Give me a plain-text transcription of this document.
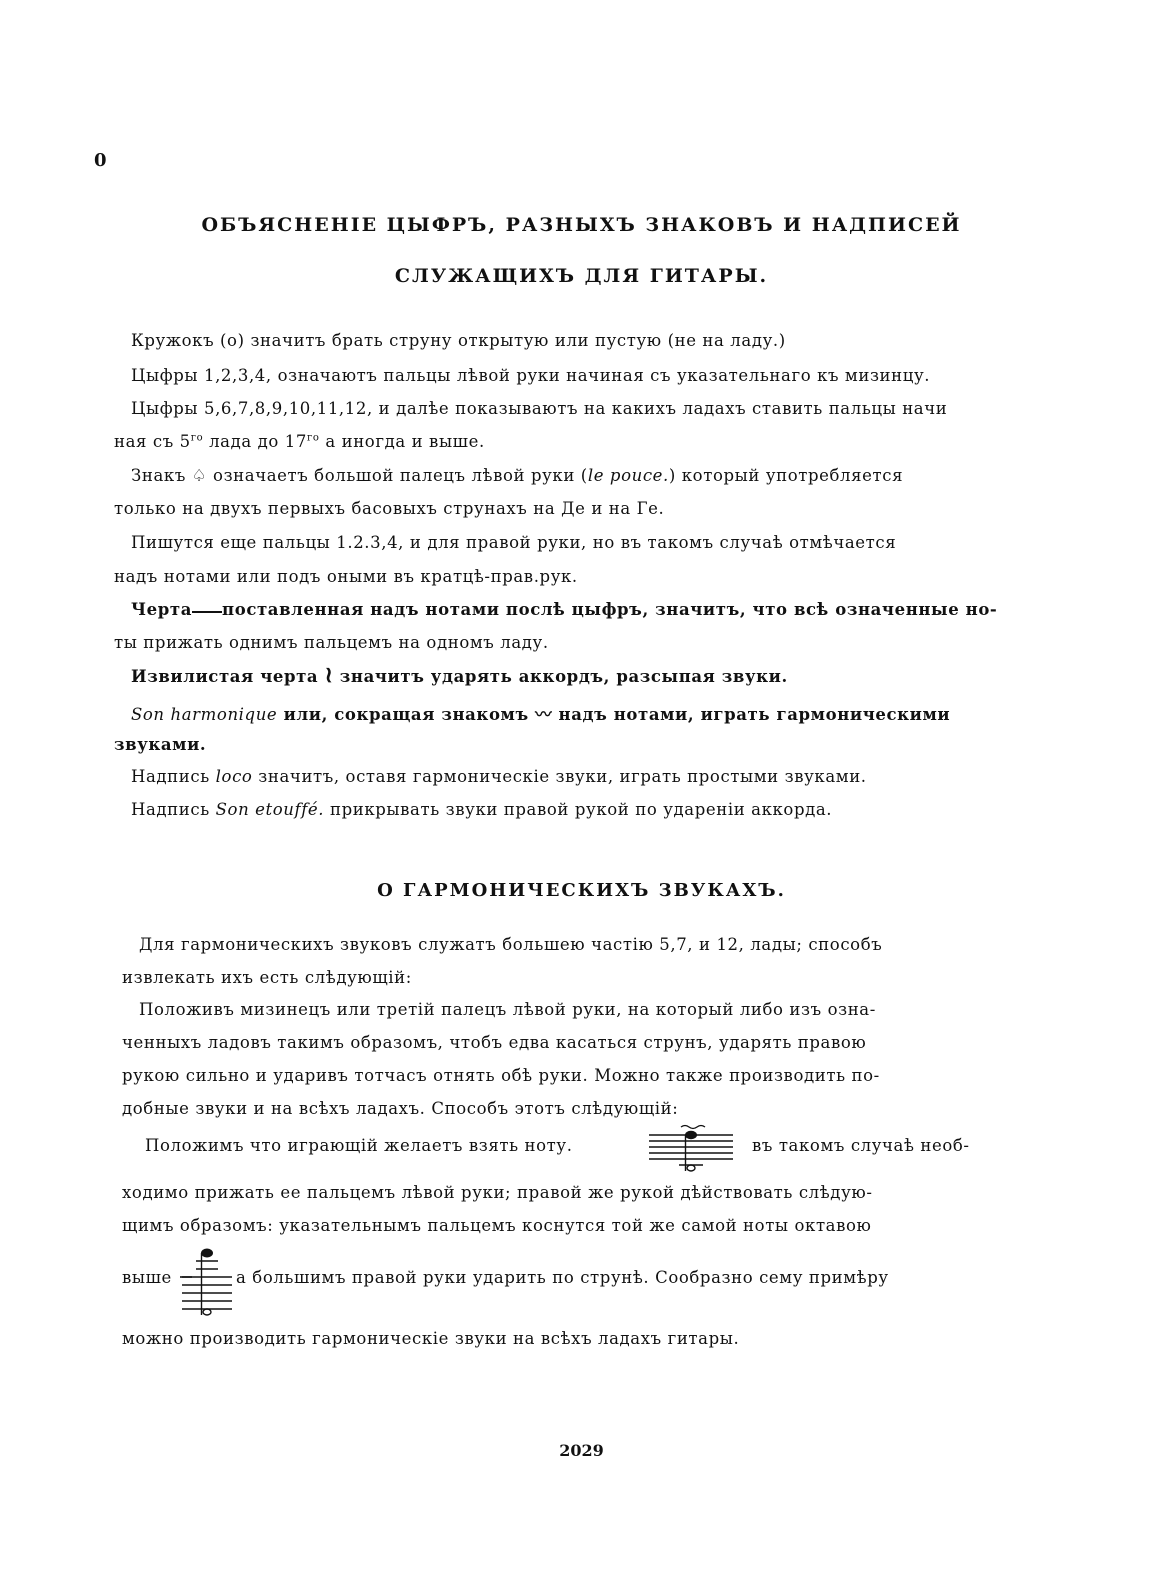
0
ОБЪЯСНЕНІЕ ЦЫФРЪ, РАЗНЫХЪ ЗНАКОВЪ И НАДПИСЕЙ
СЛУЖАЩИХЪ ДЛЯ ГИТАРЫ.
Кружокъ (о) значитъ брать струну открытую или пустую (не на ладу.)
Цыфры 1,2,3,4, означаютъ пальцы лѣвой руки начиная съ указательнаго къ мизинцу.
Цыфры 5,6,7,8,9,10,11,12, и далѣе показываютъ на какихъ ладахъ ставить пальцы начи
ная съ $5^{го}$ лада до $17^{го}$ а иногда и выше.
Знакъ ♤ означаетъ большой палецъ лѣвой руки (le pouce.) который употребляется
только на двухъ первыхъ басовыхъ струнахъ на Де и на Ге.
Пишутся еще пальцы 1.2.3,4, и для правой руки, но въ такомъ случаѣ отмѣчается
надъ нотами или подъ оными въ кратцѣ-прав.рук.
Черта поставленная надъ нотами послѣ цыфръ, значитъ, что всѣ означенные но-
ты прижать однимъ пальцемъ на одномъ ладу.
Извилистая черта ≀ значитъ ударять аккордъ, разсыпая звуки.
Son harmonique или, сокращая знакомъ 〰 надъ нотами, играть гармоническими
звуками.
Надпись loco значитъ, оставя гармоническіе звуки, играть простыми звуками.
Надпись Son etouffé. прикрывать звуки правой рукой по удареніи аккорда.
О ГАРМОНИЧЕСКИХЪ ЗВУКАХЪ.
Для гармоническихъ звуковъ служатъ большею частію 5,7, и 12, лады; способъ
извлекать ихъ есть слѣдующій:
Положивъ мизинецъ или третій палецъ лѣвой руки, на который либо изъ озна-
ченныхъ ладовъ такимъ образомъ, чтобъ едва касаться струнъ, ударять правою
рукою сильно и ударивъ тотчасъ отнять обѣ руки. Можно также производить по-
добные звуки и на всѣхъ ладахъ. Способъ этотъ слѣдующій:
Положимъ что играющій желаетъ взять ноту.	въ такомъ случаѣ необ-
ходимо прижать ее пальцемъ лѣвой руки; правой же рукой дѣйствовать слѣдую-
щимъ образомъ: указательнымъ пальцемъ коснутся той же самой ноты октавою
выше	а большимъ правой руки ударить по струнѣ. Сообразно сему примѣру
можно производить гармоническіе звуки на всѣхъ ладахъ гитары.
2029
